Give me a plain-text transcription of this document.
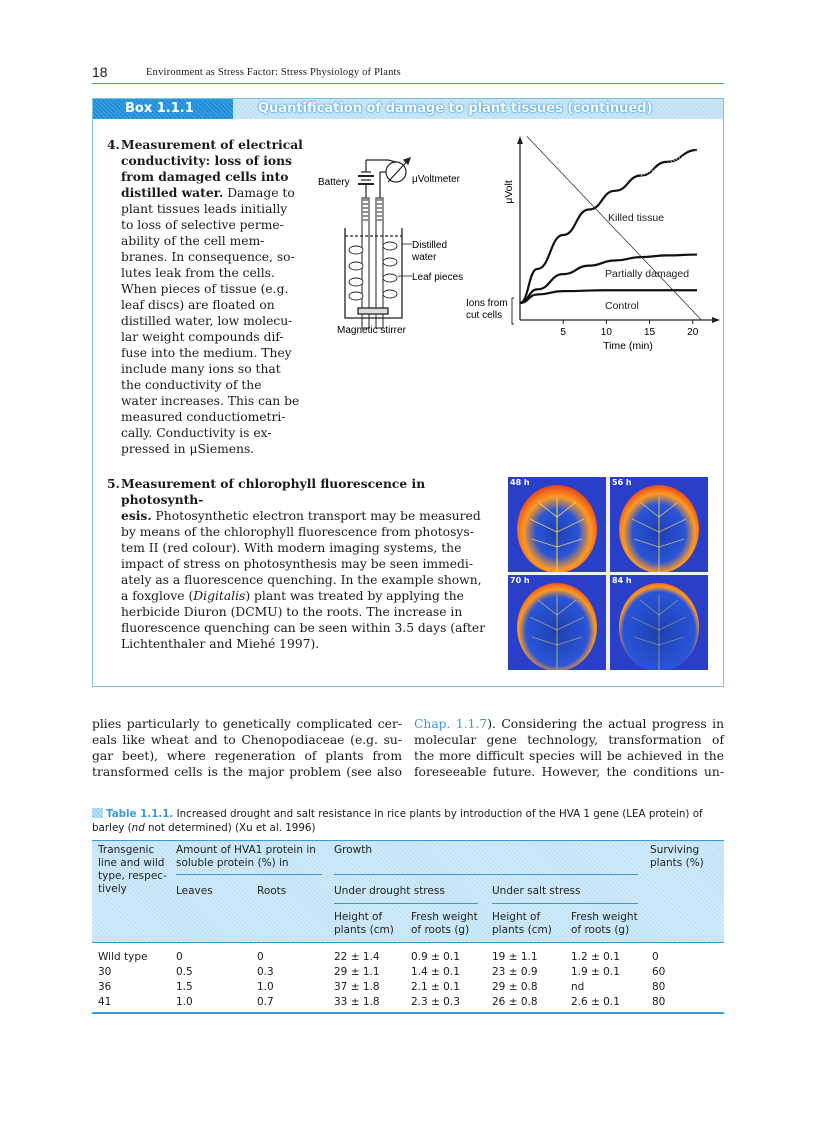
18	Environment as Stress Factor: Stress Physiology of Plants
Box 1.1.1	Quantification of damage to plant tissues (continued)
4. Measurement of electrical
conductivity: loss of ions
from damaged cells into
distilled water. Damage to
plant tissues leads initially
to loss of selective perme-
ability of the cell mem-
branes. In consequence, so-
lutes leak from the cells.
When pieces of tissue (e.g.
leaf discs) are floated on
distilled water, low molecu-
lar weight compounds dif-
fuse into the medium. They
include many ions so that
the conductivity of the
water increases. This can be
measured conductiometri-
cally. Conductivity is ex-
pressed in μSiemens.
5. Measurement of chlorophyll fluorescence in photosynth-
esis. Photosynthetic electron transport may be measured
by means of the chlorophyll fluorescence from photosys-
tem II (red colour). With modern imaging systems, the
impact of stress on photosynthesis may be seen immedi-
ately as a fluorescence quenching. In the example shown,
a foxglove (Digitalis) plant was treated by applying the
herbicide Diuron (DCMU) to the roots. The increase in
fluorescence quenching can be seen within 3.5 days (after
Lichtenthaler and Miehé 1997).
Battery	μVoltmeter
Distilled
water
Leaf pieces
Magnetic stirrer
Ions from
cut cells
5	10	15	20
Killed tissue
Partially damaged
Control
μVolt
Time (min)
48 h	56 h
70 h	84 h
plies particularly to genetically complicated cer-
eals like wheat and to Chenopodiaceae (e.g. su-
gar beet), where regeneration of plants from
transformed cells is the major problem (see also
Chap. 1.1.7). Considering the actual progress in
molecular gene technology, transformation of
the more difficult species will be achieved in the
foreseeable future. However, the conditions un-
Table 1.1.1. Increased drought and salt resistance in rice plants by introduction of the HVA 1 gene (LEA protein) of
barley (nd not determined) (Xu et al. 1996)
Transgenic
line and wild
type, respec-
tively
Amount of HVA1 protein in
soluble protein (%) in
Leaves	Roots
Growth
Under drought stress	Under salt stress
Height of
plants (cm)
Fresh weight
of roots (g)
Height of
plants (cm)
Fresh weight
of roots (g)
Surviving
plants (%)
Wild type	0	0	22 ± 1.4	0.9 ± 0.1	19 ± 1.1	1.2 ± 0.1	0
30	0.5	0.3	29 ± 1.1	1.4 ± 0.1	23 ± 0.9	1.9 ± 0.1	60
36	1.5	1.0	37 ± 1.8	2.1 ± 0.1	29 ± 0.8	nd	80
41	1.0	0.7	33 ± 1.8	2.3 ± 0.3	26 ± 0.8	2.6 ± 0.1	80
